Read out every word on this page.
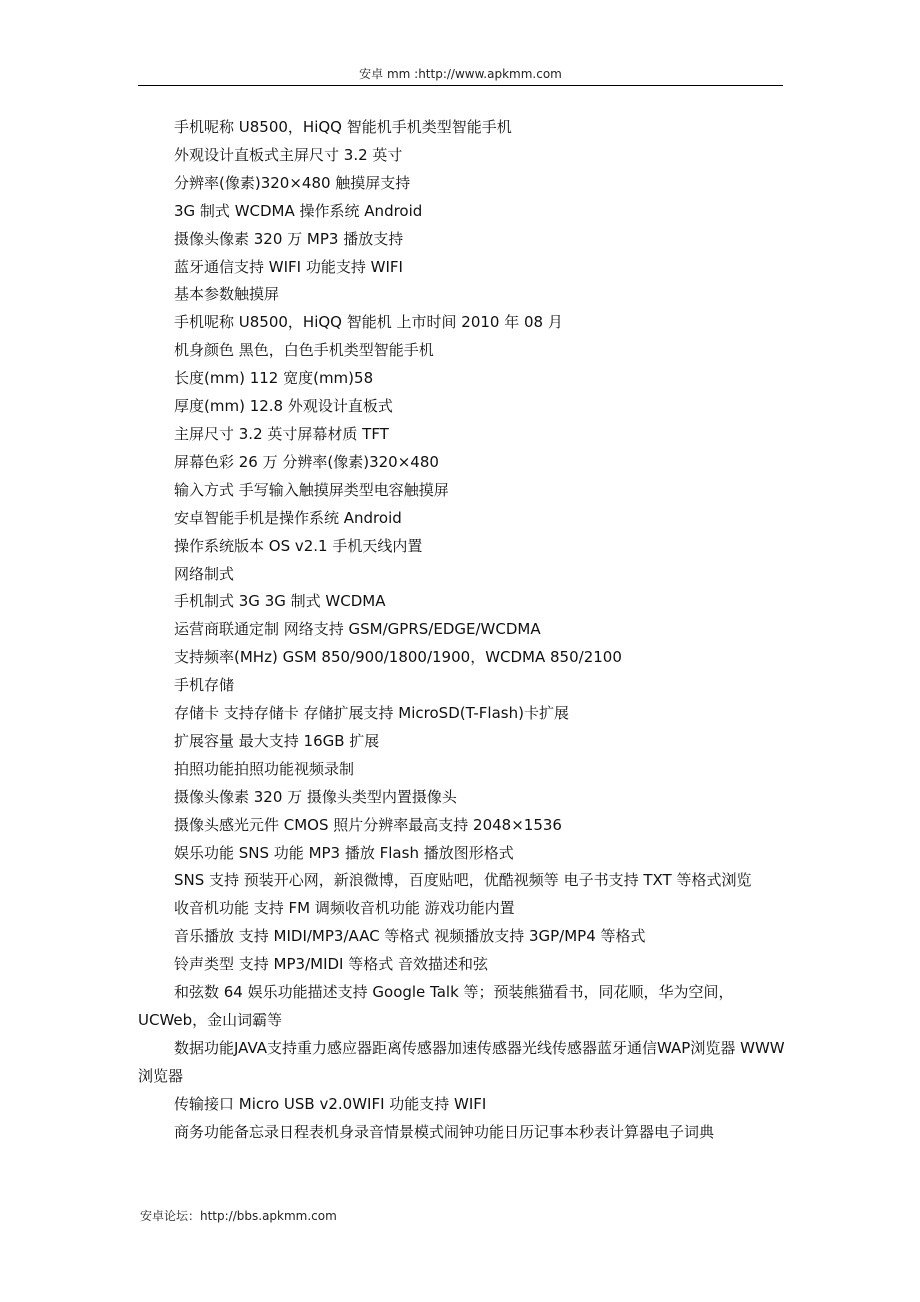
安卓 mm :http://www.apkmm.com

手机呢称 U8500，HiQQ 智能机手机类型智能手机

外观设计直板式主屏尺寸 3.2 英寸

分辨率(像素)320×480 触摸屏支持

3G 制式 WCDMA 操作系统 Android

摄像头像素 320 万 MP3 播放支持

蓝牙通信支持 WIFI 功能支持 WIFI

基本参数触摸屏

手机呢称 U8500，HiQQ 智能机 上市时间 2010 年 08 月

机身颜色 黑色，白色手机类型智能手机

长度(mm) 112 宽度(mm)58

厚度(mm) 12.8 外观设计直板式

主屏尺寸 3.2 英寸屏幕材质 TFT

屏幕色彩 26 万 分辨率(像素)320×480

输入方式 手写输入触摸屏类型电容触摸屏

安卓智能手机是操作系统 Android

操作系统版本 OS v2.1 手机天线内置

网络制式

手机制式 3G 3G 制式 WCDMA

运营商联通定制 网络支持 GSM/GPRS/EDGE/WCDMA

支持频率(MHz) GSM 850/900/1800/1900，WCDMA 850/2100

手机存储

存储卡 支持存储卡 存储扩展支持 MicroSD(T-Flash)卡扩展

扩展容量 最大支持 16GB 扩展

拍照功能拍照功能视频录制

摄像头像素 320 万 摄像头类型内置摄像头

摄像头感光元件 CMOS 照片分辨率最高支持 2048×1536

娱乐功能 SNS 功能 MP3 播放 Flash 播放图形格式

SNS 支持 预装开心网，新浪微博，百度贴吧，优酷视频等 电子书支持 TXT 等格式浏览

收音机功能 支持 FM 调频收音机功能 游戏功能内置

音乐播放 支持 MIDI/MP3/AAC 等格式 视频播放支持 3GP/MP4 等格式

铃声类型 支持 MP3/MIDI 等格式 音效描述和弦

和弦数 64 娱乐功能描述支持 Google Talk 等；预装熊猫看书，同花顺，华为空间，UCWeb，金山词霸等

数据功能JAVA支持重力感应器距离传感器加速传感器光线传感器蓝牙通信WAP浏览器 WWW 浏览器

传输接口 Micro USB v2.0WIFI 功能支持 WIFI

商务功能备忘录日程表机身录音情景模式闹钟功能日历记事本秒表计算器电子词典

安卓论坛：http://bbs.apkmm.com
